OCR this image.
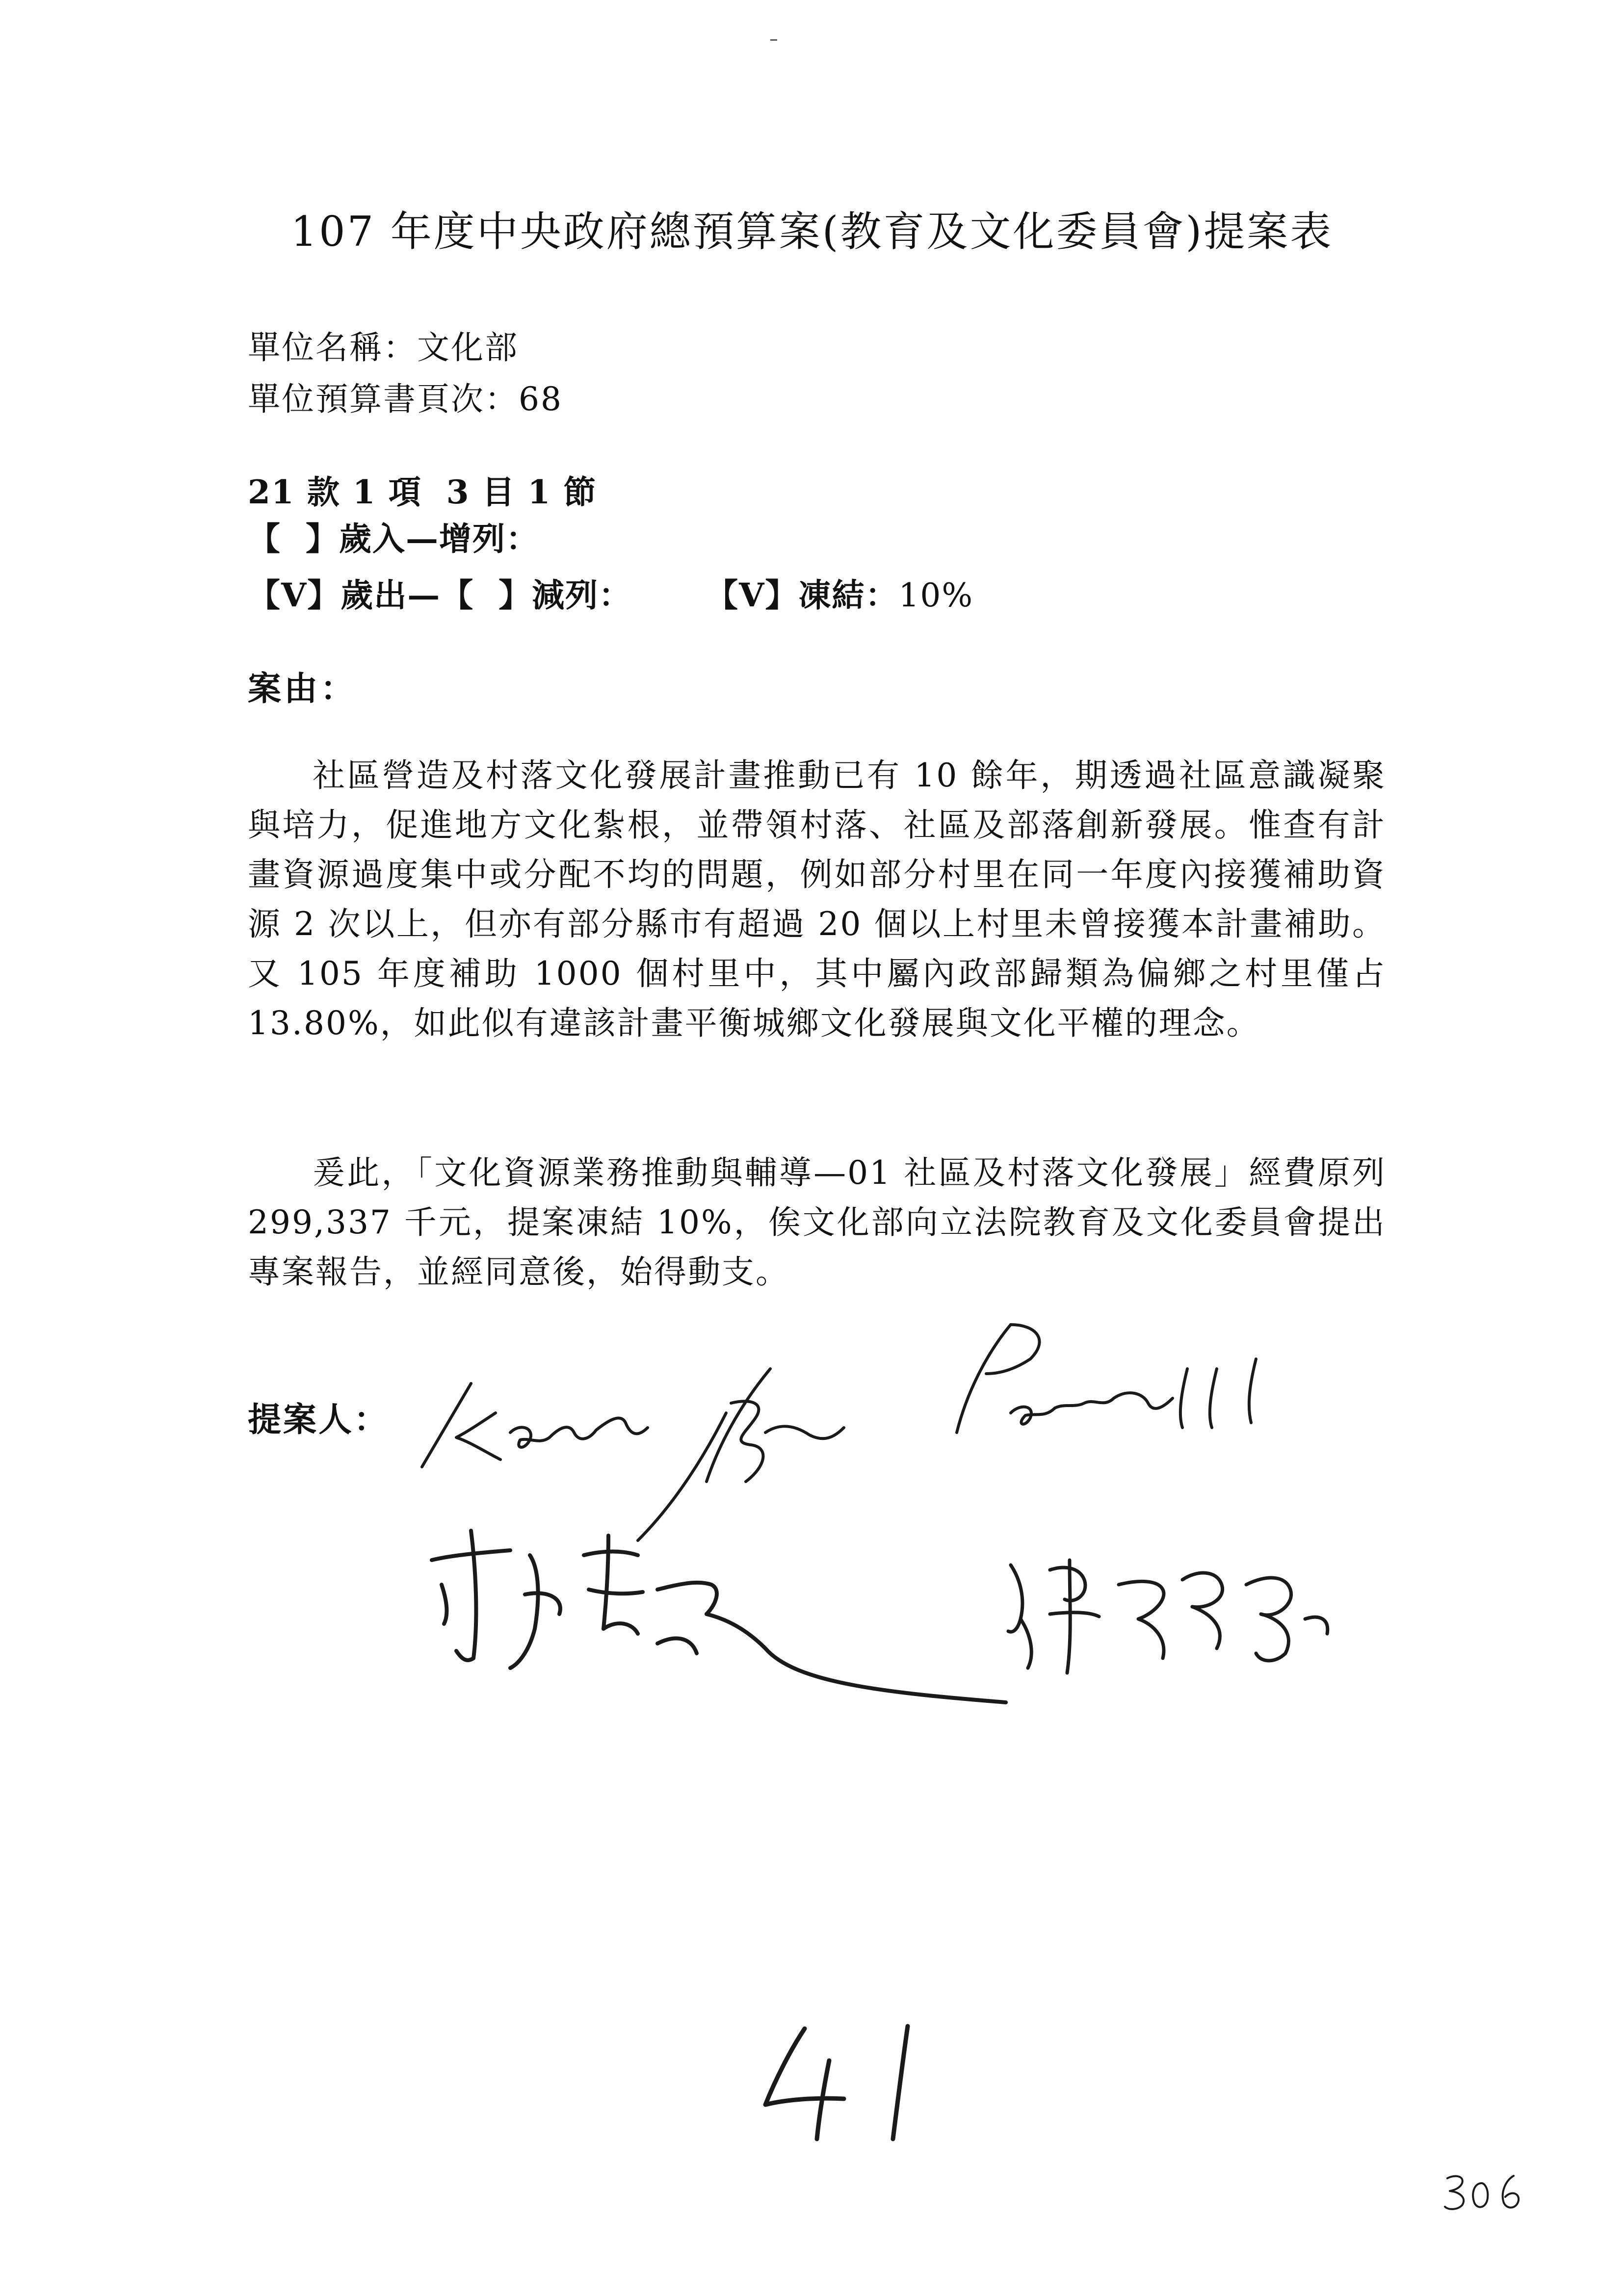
107 年度中央政府總預算案(教育及文化委員會)提案表
單位名稱：文化部
單位預算書頁次：68
21 款 1 項  3 目 1 節
【  】歲入—增列：
【V】歲出—【  】減列： 【V】凍結：10%
案由：
社區營造及村落文化發展計畫推動已有 10 餘年，期透過社區意識凝聚與培力，促進地方文化紮根，並帶領村落、社區及部落創新發展。惟查有計畫資源過度集中或分配不均的問題，例如部分村里在同一年度內接獲補助資源 2 次以上，但亦有部分縣市有超過 20 個以上村里未曾接獲本計畫補助。又 105 年度補助 1000 個村里中，其中屬內政部歸類為偏鄉之村里僅占 13.80%，如此似有違該計畫平衡城鄉文化發展與文化平權的理念。
爰此，「文化資源業務推動與輔導—01 社區及村落文化發展」經費原列 299,337 千元，提案凍結 10%，俟文化部向立法院教育及文化委員會提出專案報告，並經同意後，始得動支。
提案人：
